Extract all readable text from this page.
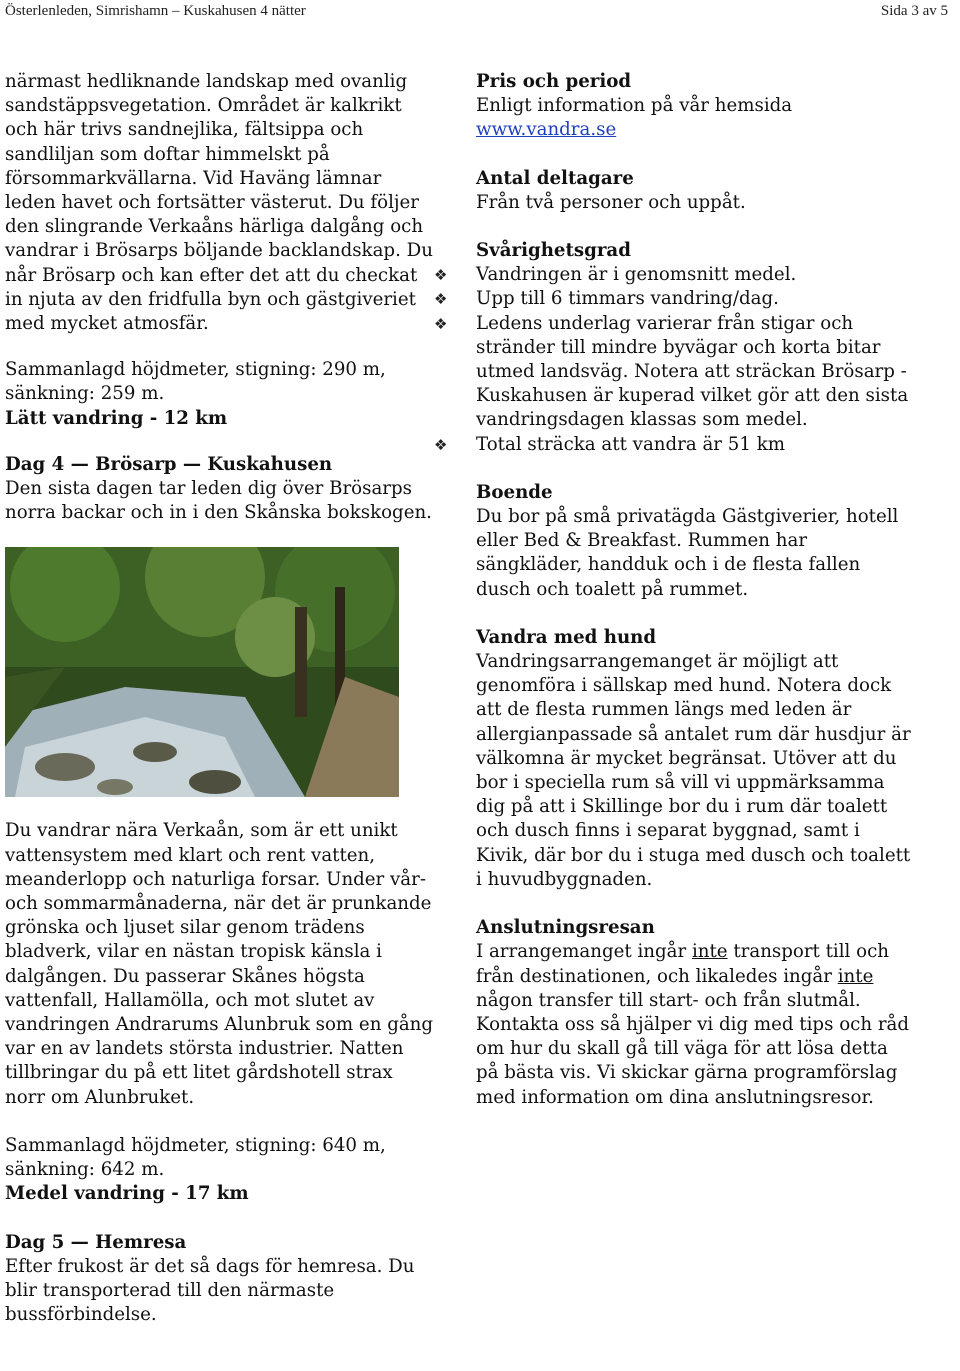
Österlenleden, Simrishamn – Kuskahusen 4 nätter	Sida 3 av 5

närmast hedliknande landskap med ovanlig sandstäppsvegetation. Området är kalkrikt och här trivs sandnejlika, fältsippa och sandliljan som doftar himmelskt på försommarkvällarna. Vid Haväng lämnar leden havet och fortsätter västerut. Du följer den slingrande Verkaåns härliga dalgång och vandrar i Brösarps böljande backlandskap. Du når Brösarp och kan efter det att du checkat in njuta av den fridfulla byn och gästgiveriet med mycket atmosfär.

Sammanlagd höjdmeter, stigning: 290 m, sänkning: 259 m.

Lätt vandring - 12 km

Dag 4 — Brösarp — Kuskahusen

Den sista dagen tar leden dig över Brösarps norra backar och in i den Skånska bokskogen.

Du vandrar nära Verkaån, som är ett unikt vattensystem med klart och rent vatten, meanderlopp och naturliga forsar. Under vår- och sommarmånaderna, när det är prunkande grönska och ljuset silar genom trädens bladverk, vilar en nästan tropisk känsla i dalgången. Du passerar Skånes högsta vattenfall, Hallamölla, och mot slutet av vandringen Andrarums Alunbruk som en gång var en av landets största industrier. Natten tillbringar du på ett litet gårdshotell strax norr om Alunbruket.

Sammanlagd höjdmeter, stigning: 640 m, sänkning: 642 m.

Medel vandring - 17 km

Dag 5 — Hemresa

Efter frukost är det så dags för hemresa. Du blir transporterad till den närmaste bussförbindelse.

Pris och period

Enligt information på vår hemsida

www.vandra.se

Antal deltagare

Från två personer och uppåt.

Svårighetsgrad

❖ Vandringen är i genomsnitt medel.
❖ Upp till 6 timmars vandring/dag.
❖ Ledens underlag varierar från stigar och stränder till mindre byvägar och korta bitar utmed landsväg. Notera att sträckan Brösarp - Kuskahusen är kuperad vilket gör att den sista vandringsdagen klassas som medel.
❖ Total sträcka att vandra är 51 km

Boende

Du bor på små privatägda Gästgiverier, hotell eller Bed & Breakfast. Rummen har sängkläder, handduk och i de flesta fallen dusch och toalett på rummet.

Vandra med hund

Vandringsarrangemanget är möjligt att genomföra i sällskap med hund. Notera dock att de flesta rummen längs med leden är allergianpassade så antalet rum där husdjur är välkomna är mycket begränsat. Utöver att du bor i speciella rum så vill vi uppmärksamma dig på att i Skillinge bor du i rum där toalett och dusch finns i separat byggnad, samt i Kivik, där bor du i stuga med dusch och toalett i huvudbyggnaden.

Anslutningsresan

I arrangemanget ingår inte transport till och från destinationen, och likaledes ingår inte någon transfer till start- och från slutmål. Kontakta oss så hjälper vi dig med tips och råd om hur du skall gå till väga för att lösa detta på bästa vis. Vi skickar gärna programförslag med information om dina anslutningsresor.
